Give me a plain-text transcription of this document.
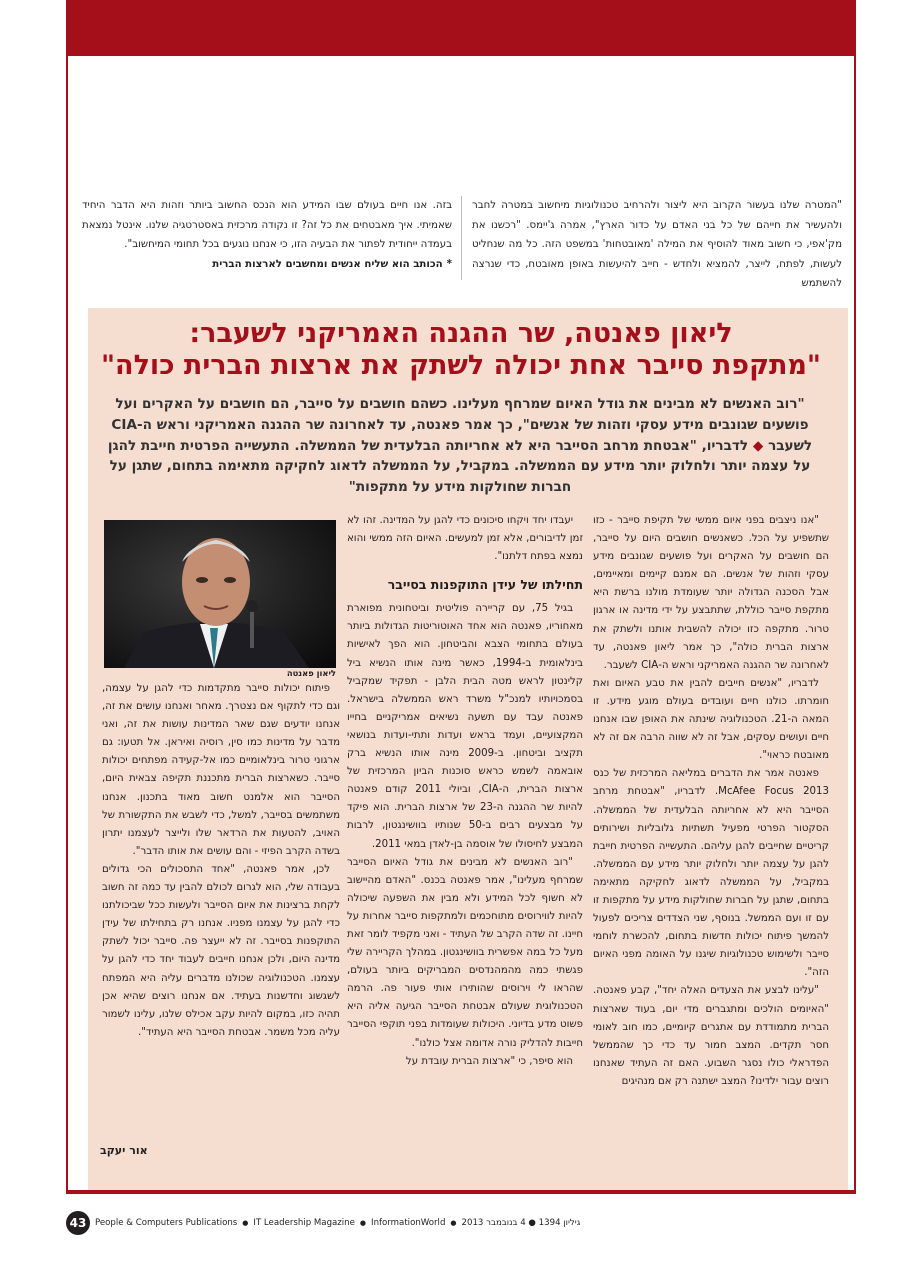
"המטרה שלנו בעשור הקרוב היא ליצור ולהרחיב טכנולוגיות מיחשוב במטרה לחבר ולהעשיר את חייהם של כל בני האדם על כדור הארץ", אמרה ג'יימס. "רכשנו את מק'אפי, כי חשוב מאוד להוסיף את המילה 'מאובטחות' במשפט הזה. כל מה שנחליט לעשות, לפתח, לייצר, להמציא ולחדש - חייב להיעשות באופן מאובטח, כדי שנרצה להשתמש

בזה. אנו חיים בעולם שבו המידע הוא הנכס החשוב ביותר וזהות היא הדבר היחיד שאמיתי. איך מאבטחים את כל זה? זו נקודה מרכזית באסטרטגיה שלנו. אינטל נמצאת בעמדה ייחודית לפתור את הבעיה הזו, כי אנחנו נוגעים בכל תחומי המיחשוב".

*הכותב הוא שליח אנשים ומחשבים לארצות הברית

ליאון פאנטה, שר ההגנה האמריקני לשעבר:
"מתקפת סייבר אחת יכולה לשתק את ארצות הברית כולה"
"רוב האנשים לא מבינים את גודל האיום שמרחף מעלינו. כשהם חושבים על סייבר, הם חושבים על האקרים ועל פושעים שגונבים מידע עסקי וזהות של אנשים", כך אמר פאנטה, עד לאחרונה שר ההגנה האמריקני וראש ה-CIA לשעבר ◆ לדבריו, "אבטחת מרחב הסייבר היא לא אחריותה הבלעדית של הממשלה. התעשייה הפרטית חייבת להגן על עצמה יותר ולחלוק יותר מידע עם הממשלה. במקביל, על הממשלה לדאוג לחקיקה מתאימה בתחום, שתגן על חברות שחולקות מידע על מתקפות"

"אנו ניצבים בפני איום ממשי של תקיפת סייבר - כזו שתשפיע על הכל. כשאנשים חושבים היום על סייבר, הם חושבים על האקרים ועל פושעים שגונבים מידע עסקי וזהות של אנשים. הם אמנם קיימים ומאיימים, אבל הסכנה הגדולה יותר שעומדת מולנו ברשת היא מתקפת סייבר כוללת, שתתבצע על ידי מדינה או ארגון טרור. מתקפה כזו יכולה להשבית אותנו ולשתק את ארצות הברית כולה", כך אמר ליאון פאנטה, עד לאחרונה שר ההגנה האמריקני וראש ה-CIA לשעבר.

לדבריו, "אנשים חייבים להבין את טבע האיום ואת חומרתו. כולנו חיים ועובדים בעולם מוגע מידע. זו המאה ה-21. הטכנולוגיה שינתה את האופן שבו אנחנו חיים ועושים עסקים, אבל זה לא שווה הרבה אם זה לא מאובטח כראוי".

פאנטה אמר את הדברים במליאה המרכזית של כנס McAfee Focus 2013. לדבריו, "אבטחת מרחב הסייבר היא לא אחריותה הבלעדית של הממשלה. הסקטור הפרטי מפעיל תשתיות גלובליות ושירותים קריטיים שחייבים להגן עליהם. התעשייה הפרטית חייבת להגן על עצמה יותר ולחלוק יותר מידע עם הממשלה. במקביל, על הממשלה לדאוג לחקיקה מתאימה בתחום, שתגן על חברות שחולקות מידע על מתקפות זו עם זו ועם הממשל. בנוסף, שני הצדדים צריכים לפעול להמשך פיתוח יכולות חדשות בתחום, להכשרת לוחמי סייבר ולשימוש טכנולוגיות שיגנו על האומה מפני האיום הזה".

"עלינו לבצע את הצעדים האלה יחד", קבע פאנטה. "האיומים הולכים ומתגברים מדי יום, בעוד שארצות הברית מתמודדת עם אתגרים קיומיים, כמו חוב לאומי חסר תקדים. המצב חמור עד כדי כך שהממשל הפדראלי כולו נסגר השבוע. האם זה העתיד שאנחנו רוצים עבור ילדינו? המצב ישתנה רק אם מנהיגים

יעבדו יחד ויקחו סיכונים כדי להגן על המדינה. זהו לא זמן לדיבורים, אלא זמן למעשים. האיום הזה ממשי והוא נמצא בפתח דלתנו".

תחילתו של עידן התוקפנות בסייבר

בגיל 75, עם קריירה פוליטית וביטחונית מפוארת מאחוריו, פאנטה הוא אחד האוטוריטות הגדולות ביותר בעולם בתחומי הצבא והביטחון. הוא הפך לאישיות בינלאומית ב-1994, כאשר מינה אותו הנשיא ביל קלינטון לראש מטה הבית הלבן - תפקיד שמקביל בסמכויותיו למנכ"ל משרד ראש הממשלה בישראל. פאנטה עבד עם תשעה נשיאים אמריקניים בחייו המקצועיים, ועמד בראש ועדות ותתי-ועדות בנושאי תקציב וביטחון. ב-2009 מינה אותו הנשיא ברק אובאמה לשמש כראש סוכנות הביון המרכזית של ארצות הברית, ה-CIA, וביולי 2011 קודם פאנטה להיות שר ההגנה ה-23 של ארצות הברית. הוא פיקד על מבצעים רבים ב-50 שנותיו בוושינגטון, לרבות המבצע לחיסולו של אוסמה בן-לאדן במאי 2011.

"רוב האנשים לא מבינים את גודל האיום הסייבר שמרחף מעלינו", אמר פאנטה בכנס. "האדם מהיישוב לא חשוף לכל המידע ולא מבין את השפעה שיכולה להיות לווירוסים מתוחכמים ולמתקפות סייבר אחרות על חיינו. זה שדה הקרב של העתיד - ואני מקפיד לומר זאת מעל כל במה אפשרית בוושינגטון. במהלך הקריירה שלי פגשתי כמה מהמהנדסים המבריקים ביותר בעולם, שהראו לי וירוסים שהותירו אותי פעור פה. הרמה הטכנולוגית שעולם אבטחת הסייבר הגיעה אליה היא פשוט מדע בדיוני. היכולות שעומדות בפני תוקפי הסייבר חייבות להדליק נורה אדומה אצל כולנו".

הוא סיפר, כי "ארצות הברית עובדת על

ליאון פאנטה

פיתוח יכולות סייבר מתקדמות כדי להגן על עצמה, וגם כדי לתקוף אם נצטרך. מאחר ואנחנו עושים את זה, אנחנו יודעים שגם שאר המדינות עושות את זה, ואני מדבר על מדינות כמו סין, רוסיה ואיראן. אל תטעו: גם ארגוני טרור בינלאומיים כמו אל-קעידה מפתחים יכולות סייבר. כשארצות הברית מתכננת תקיפה צבאית היום, הסייבר הוא אלמנט חשוב מאוד בתכנון. אנחנו משתמשים בסייבר, למשל, כדי לשבש את התקשורת של האויב, להטעות את הרדאר שלו ולייצר לעצמנו יתרון בשדה הקרב הפיזי - והם עושים את אותו הדבר".

לכן, אמר פאנטה, "אחד התסכולים הכי גדולים בעבודה שלי, הוא לגרום לכולם להבין עד כמה זה חשוב לקחת ברצינות את איום הסייבר ולעשות ככל שביכולתנו כדי להגן על עצמנו מפניו. אנחנו רק בתחילתו של עידן התוקפנות בסייבר. זה לא ייעצר פה. סייבר יכול לשתק מדינה היום, ולכן אנחנו חייבים לעבוד יחד כדי להגן על עצמנו. הטכנולוגיה שכולנו מדברים עליה היא המפתח לשגשוג וחדשנות בעתיד. אם אנחנו רוצים שהיא אכן תהיה כזו, במקום להיות עקב אכילס שלנו, עלינו לשמור עליה מכל משמר. אבטחת הסייבר היא העתיד".

אור יעקב
43	People & Computers Publications ● IT Leadership Magazine ● InformationWorld ● גיליון 1394 ● 4 בנובמבר 2013
